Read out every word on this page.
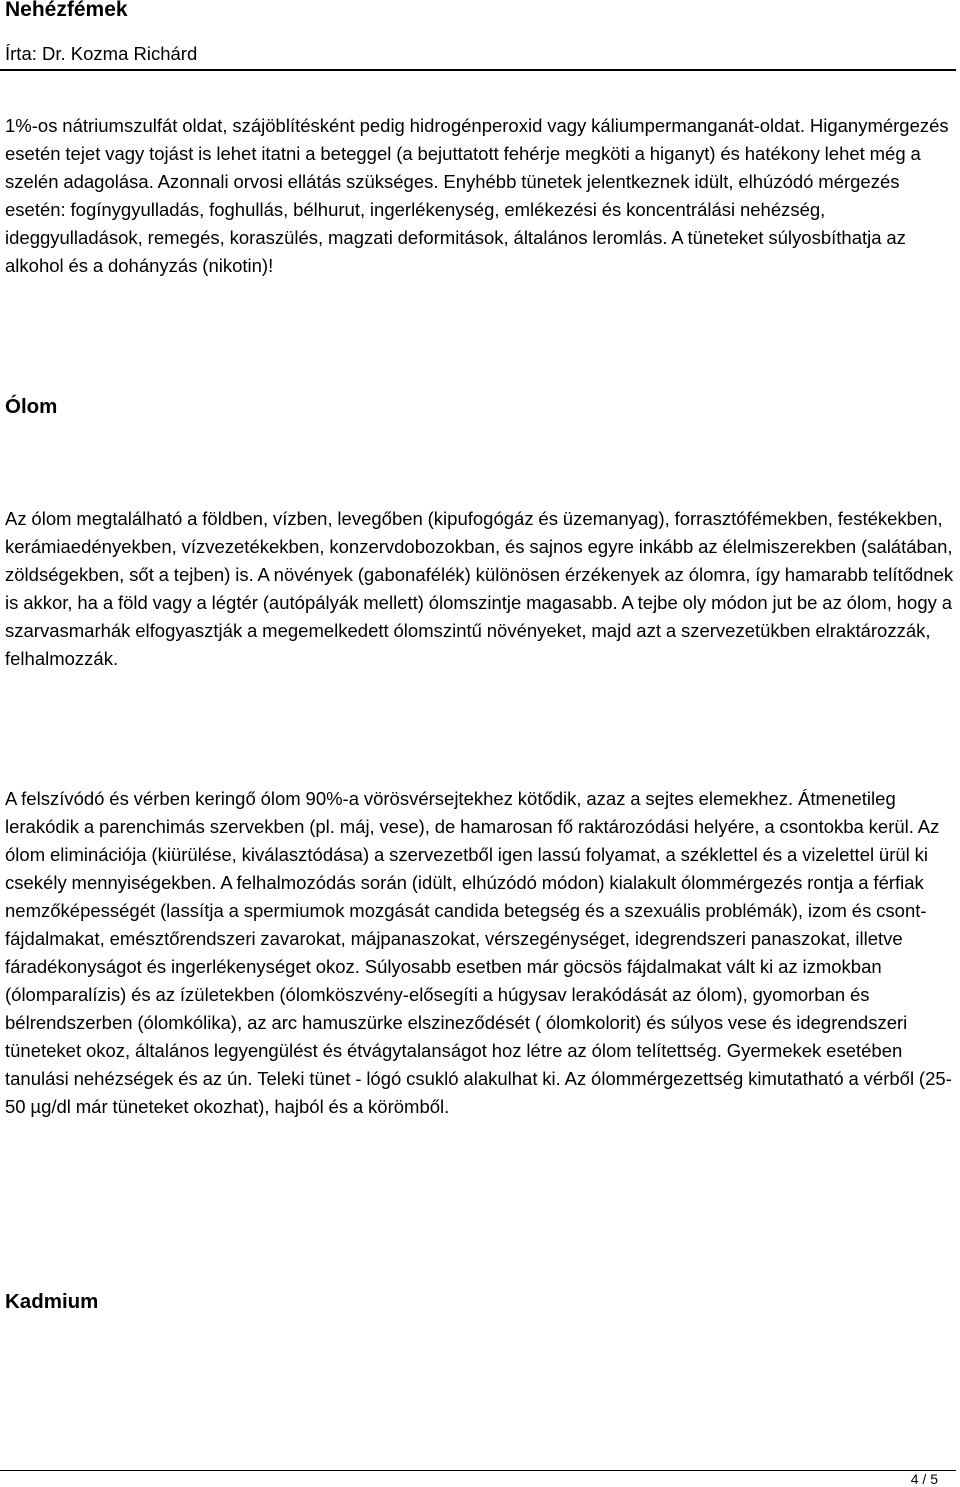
Nehézfémek
Írta: Dr. Kozma Richárd

1%-os nátriumszulfát oldat, szájöblítésként pedig hidrogénperoxid vagy káliumpermanganát-oldat. Higanymérgezés esetén tejet vagy tojást is lehet itatni a beteggel (a bejuttatott fehérje megköti a higanyt) és hatékony lehet még a szelén adagolása. Azonnali orvosi ellátás szükséges. Enyhébb tünetek jelentkeznek idült, elhúzódó mérgezés esetén: fogínygyulladás, foghullás, bélhurut, ingerlékenység, emlékezési és koncentrálási nehézség, ideggyulladások, remegés, koraszülés, magzati deformitások, általános leromlás. A tüneteket súlyosbíthatja az alkohol és a dohányzás (nikotin)!

Ólom

Az ólom megtalálható a földben, vízben, levegőben (kipufogógáz és üzemanyag), forrasztófémekben, festékekben, kerámiaedényekben, vízvezetékekben, konzervdobozokban, és sajnos egyre inkább az élelmiszerekben (salátában, zöldségekben, sőt a tejben) is. A növények (gabonafélék) különösen érzékenyek az ólomra, így hamarabb telítődnek is akkor, ha a föld vagy a légtér (autópályák mellett) ólomszintje magasabb. A tejbe oly módon jut be az ólom, hogy a szarvasmarhák elfogyasztják a megemelkedett ólomszintű növényeket, majd azt a szervezetükben elraktározzák, felhalmozzák.

A felszívódó és vérben keringő ólom 90%-a vörösvérsejtekhez kötődik, azaz a sejtes elemekhez. Átmenetileg lerakódik a parenchimás szervekben (pl. máj, vese), de hamarosan fő raktározódási helyére, a csontokba kerül. Az ólom eliminációja (kiürülése, kiválasztódása) a szervezetből igen lassú folyamat, a széklettel és a vizelettel ürül ki csekély mennyiségekben. A felhalmozódás során (idült, elhúzódó módon) kialakult ólommérgezés rontja a férfiak nemzőképességét (lassítja a spermiumok mozgását candida betegség és a szexuális problémák), izom és csont-fájdalmakat, emésztőrendszeri zavarokat, májpanaszokat, vérszegénységet, idegrendszeri panaszokat, illetve fáradékonyságot és ingerlékenységet okoz. Súlyosabb esetben már göcsös fájdalmakat vált ki az izmokban (ólomparalízis) és az ízületekben (ólomköszvény-elősegíti a húgysav lerakódását az ólom), gyomorban és bélrendszerben (ólomkólika), az arc hamuszürke elszineződését ( ólomkolorit) és súlyos vese és idegrendszeri tüneteket okoz, általános legyengülést és étvágytalanságot hoz létre az ólom telítettség. Gyermekek esetében tanulási nehézségek és az ún. Teleki tünet - lógó csukló alakulhat ki. Az ólommérgezettség kimutatható a vérből (25-50 µg/dl már tüneteket okozhat), hajból és a körömből.

Kadmium
4 / 5
